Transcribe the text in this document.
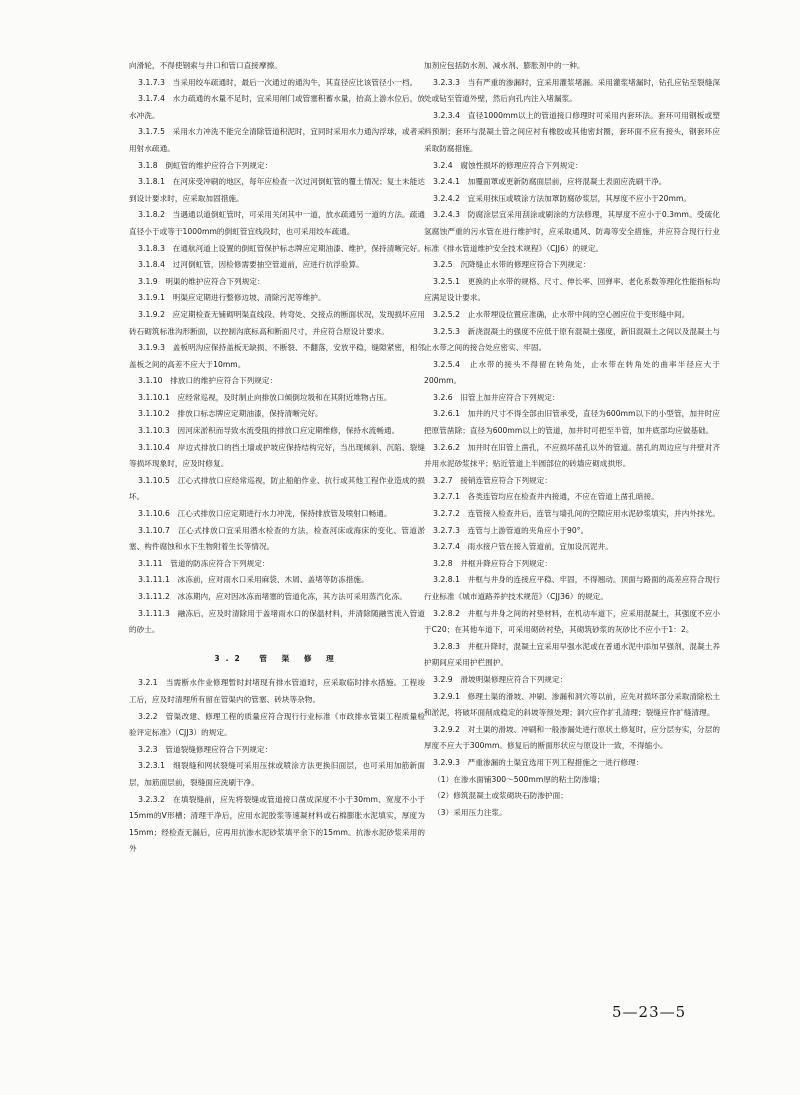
向滑轮，不得使钢索与井口和管口直接摩擦。

3.1.7.3　当采用绞车疏通时，最后一次通过的通沟牛，其直径应比该管径小一档。

3.1.7.4　水力疏通的水量不足时，宜采用闸门或管塞积蓄水量，抬高上游水位后，放水冲洗。

3.1.7.5　采用水力冲洗不能完全清除管道积泥时，宜同时采用水力通沟浮球，或者采用射水疏通。

3.1.8　倒虹管的维护应符合下列规定：

3.1.8.1　在河床受冲刷的地区，每年应检查一次过河倒虹管的覆土情况；复土未能达到设计要求时，应采取加固措施。

3.1.8.2　当遇通以道倒虹管时，可采用关闭其中一道，放水疏通另一道的方法。疏通直径小于或等于1000mm的倒虹管宜线段时，也可采用绞车疏通。

3.1.8.3　在通航河道上设置的倒虹管保护标志牌应定期油漆、维护，保持清晰完好。

3.1.8.4　过河倒虹管，因检修需要抽空管道前，应进行抗浮验算。

3.1.9　明渠的维护应符合下列规定：

3.1.9.1　明渠应定期进行整修边坡、清除污泥等维护。

3.1.9.2　应定期检查无铺砌明渠直线段、转弯处、交接点的断面状况，发现损坏应用砖石砌筑标准沟形断面，以控制沟底标高和断面尺寸，并应符合原设计要求。

3.1.9.3　盖板明沟应保持盖板无缺损、不断裂、不翻落，安放平稳，缝隙紧密，相邻盖板之间的高差不应大于10mm。

3.1.10　排放口的维护应符合下列规定：

3.1.10.1　应经常巡视，及时制止向排放口倾倒垃圾和在其附近堆物占压。

3.1.10.2　排放口标志牌应定期油漆，保持清晰完好。

3.1.10.3　因河床淤积而导致水流受阻的排放口应定期维修，保持水流畅通。

3.1.10.4　岸边式排放口的挡土墙或护坡应保持结构完好，当出现倾斜、沉陷、裂缝等损坏现象时，应及时修复。

3.1.10.5　江心式排放口应经常巡视，防止船舶作业、抗行或其他工程作业造成的损坏。

3.1.10.6　江心式排放口应定期进行水力冲洗，保持排放管及喷射口畅通。

3.1.10.7　江心式排放口宜采用潜水检查的方法，检查河床或海床的变化、管道淤塞、构件腐蚀和水下生物附着生长等情况。

3.1.11　管道的防冻应符合下列规定：

3.1.11.1　冰冻前，应对雨水口采用麻袋、木屑、盖堵等防冻措施。

3.1.11.2　冰冻期内，应对因冰冻而堵塞的管道化冻，其方法可采用蒸汽化冻。

3.1.11.3　融冻后，应及时清除用于盖堵雨水口的保温材料，并清除随融雪流入管道的砂土。

3.2　管 渠 修 理

3.2.1　当需断水作业修理暂时封堵现有排水管道时，应采取临时排水措施。工程竣工后，应及时清理所有留在管渠内的管塞、砖块等杂物。

3.2.2　管渠改建、修理工程的质量应符合现行行业标准《市政排水管渠工程质量检验评定标准》（CJJ3）的规定。

3.2.3　管道裂缝修理应符合下列规定：

3.2.3.1　细裂缝和网状裂缝可采用压抹或喷涂方法更换旧面层，也可采用加筋新面层，加筋面层前，裂缝面应洗刷干净。

3.2.3.2　在填裂缝前，应先将裂缝或管道接口凿成深度不小于30mm、宽度不小于15mm的V形槽；清理干净后，应用水泥胶浆等速凝材料或石棉膨胀水泥填实，厚度为15mm；经检查无漏后，应再用抗渗水泥砂浆填平余下的15mm。抗渗水泥砂浆采用的外

加剂应包括防水剂、减水剂、膨胀剂中的一种。

3.2.3.3　当有严重的渗漏时，宜采用灌浆堵漏。采用灌浆堵漏时，钻孔应钻至裂缝深处或钻至管道外壁，然后向孔内注入堵漏浆。

3.2.3.4　直径1000mm以上的管道接口修理时可采用内套环法。套环可用钢板或塑料预制；套环与混凝土管之间应衬有橡胶或其他密封圈，套环面不应有接头，钢套环应采取防腐措施。

3.2.4　腐蚀性损坏的修理应符合下列规定：

3.2.4.1　加覆面罩或更新防腐面层前，应将混凝土表面应洗刷干净。

3.2.4.2　宜采用抹压或喷涂方法加罩防腐砂浆层，其厚度不应小于20mm。

3.2.4.3　防腐涂层宜采用刮涂或刷涂的方法修理，其厚度不应小于0.3mm。受硫化氢腐蚀严重的污水管在进行维护时，应采取通风、防毒等安全措施，并应符合现行行业标准《排水管道维护安全技术规程》（CJJ6）的规定。

3.2.5　沉降缝止水带的修理应符合下列规定：

3.2.5.1　更换的止水带的规格、尺寸、伸长率、回弹率、老化系数等理化性能指标均应满足设计要求。

3.2.5.2　止水带埋设位置应准确，止水带中间的空心圆应位于变形缝中间。

3.2.5.3　新浇混凝土的强度不应低于原有混凝土强度，新旧混凝土之间以及混凝土与止水带之间的接合处应密实、牢固。

3.2.5.4　止水带的接头不得留在转角处，止水带在转角处的曲率半径应大于200mm。

3.2.6　旧管上加井应符合下列规定：

3.2.6.1　加井的尺寸不得全部由旧管承受，直径为600mm以下的小型管，加井时应把原管凿除；直径为600mm以上的管道，加井时可把至半管，加井底部均应做基础。

3.2.6.2　加井时在旧管上凿孔，不应损坏凿孔以外的管道。凿孔的周边应与井壁对齐并用水泥砂浆抹平；贴近管道上半圆部位的砖墙应砌成拱形。

3.2.7　接销连管应符合下列规定：

3.2.7.1　各类连管均应在检查井内接通，不应在管道上凿孔暗接。

3.2.7.2　连管接入检查井后，连管与墙孔间的空隙应用水泥砂浆填实，并内外抹光。

3.2.7.3　连管与上游管道的夹角应小于90°。

3.2.7.4　雨水接户管在接入管道前，宜加设沉泥井。

3.2.8　井框升降应符合下列规定：

3.2.8.1　井框与井身的连接应平稳、牢固，不得翘动。顶面与路面的高差应符合现行行业标准《城市道路养护技术规范》（CJJ36）的规定。

3.2.8.2　井框与井身之间的衬垫材料，在机动车道下，应采用混凝土，其强度不应小于C20；在其他车道下，可采用砌砖衬垫，其砌筑砂浆的灰砂比不应小于1：2。

3.2.8.3　井框升降时，混凝土宜采用早强水泥或在普通水泥中添加早强剂，混凝土养护期间应采用护栏围护。

3.2.9　滑坡明渠修理应符合下列规定：

3.2.9.1　修理土渠的滑坡、冲刷、渗漏和洞穴等以前，应先对损坏部分采取清除松土和淤泥，将破坏面削成稳定的斜坡等预处理；洞穴应作扩孔清理；裂缝应作扩缝清理。

3.2.9.2　对土渠的滑坡、冲刷和一般渗漏处进行原状土修复时，应分层夯实，分层的厚度不应大于300mm。修复后的断面形状应与原设计一致，不得缩小。

3.2.9.3　严重渗漏的土渠宜选用下列工程措施之一进行修理：

（1）在渗水面铺300～500mm厚的粘土防渗墙；

（2）修筑混凝土或浆砌块石防渗护面；

（3）采用压力注浆。

5—23—5
